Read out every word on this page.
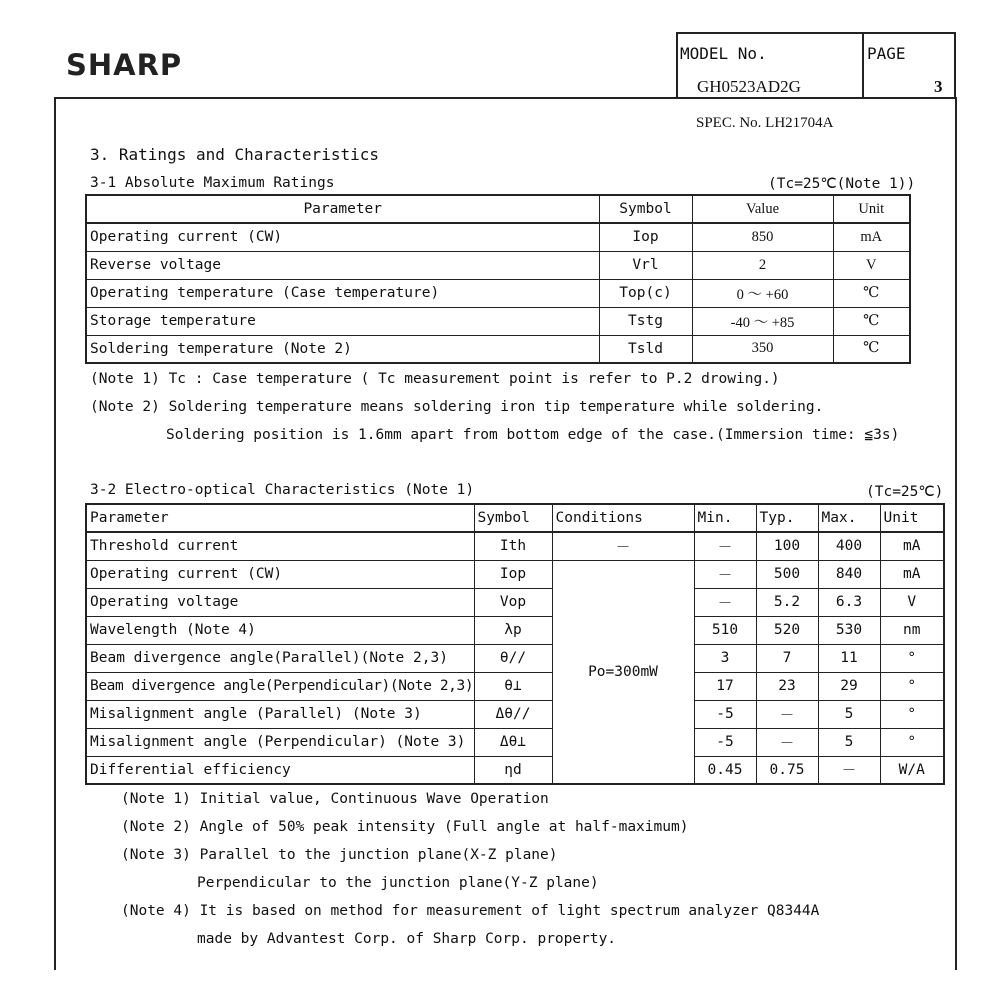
SHARP	MODEL No.
GH0523AD2G
PAGE
3
SPEC. No. LH21704A
3. Ratings and Characteristics
3-1 Absolute Maximum Ratings	(Tc=25℃(Note 1))
Parameter	Symbol	Value	Unit
Operating current (CW)	Iop	850	mA
Reverse voltage	Vrl	2	V
Operating temperature (Case temperature)	Top(c)	0 ～ +60	℃
Storage temperature	Tstg	-40 ～ +85	℃
Soldering temperature (Note 2)	Tsld	350	℃
(Note 1) Tc : Case temperature ( Tc measurement point is refer to P.2 drowing.)
(Note 2) Soldering temperature means soldering iron tip temperature while soldering.
Soldering position is 1.6mm apart from bottom edge of the case.(Immersion time: ≦3s)
3-2 Electro-optical Characteristics (Note 1)	(Tc=25℃)
Parameter	Symbol	Conditions	Min.	Typ.	Max.	Unit
Threshold current	Ith	－	－	100	400	mA
Operating current (CW)	Iop	Po=300mW	－	500	840	mA
Operating voltage	Vop		－	5.2	6.3	V
Wavelength (Note 4)	λp		510	520	530	nm
Beam divergence angle(Parallel)(Note 2,3)	θ//		3	7	11	°
Beam divergence angle(Perpendicular)(Note 2,3)	θ⊥		17	23	29	°
Misalignment angle (Parallel) (Note 3)	Δθ//		-5	－	5	°
Misalignment angle (Perpendicular) (Note 3)	Δθ⊥		-5	－	5	°
Differential efficiency	ηd		0.45	0.75	－	W/A
(Note 1) Initial value, Continuous Wave Operation
(Note 2) Angle of 50% peak intensity (Full angle at half-maximum)
(Note 3) Parallel to the junction plane(X-Z plane)
Perpendicular to the junction plane(Y-Z plane)
(Note 4) It is based on method for measurement of light spectrum analyzer Q8344A
made by Advantest Corp. of Sharp Corp. property.
